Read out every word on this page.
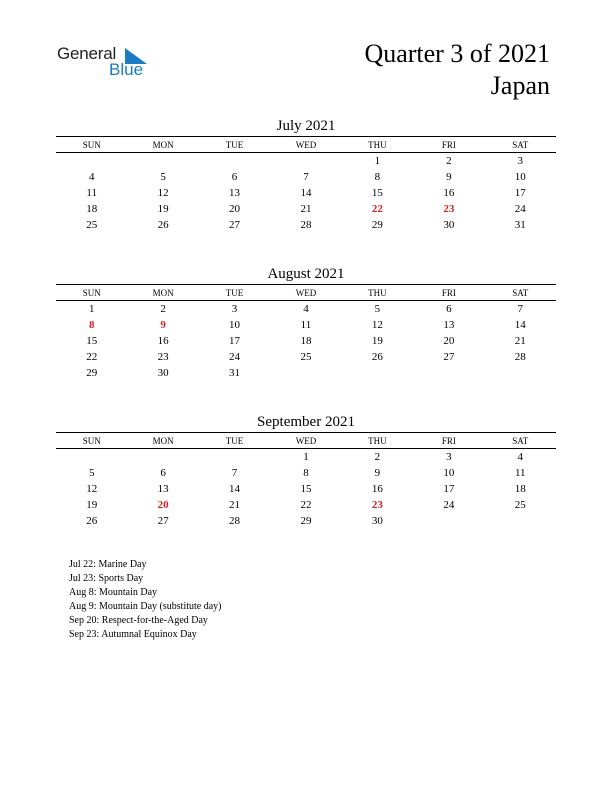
General
Blue
Quarter 3 of 2021
Japan
July 2021
SUN	MON	TUE	WED	THU	FRI	SAT
				1	2	3
4	5	6	7	8	9	10
11	12	13	14	15	16	17
18	19	20	21	22	23	24
25	26	27	28	29	30	31
August 2021
SUN	MON	TUE	WED	THU	FRI	SAT
1	2	3	4	5	6	7
8	9	10	11	12	13	14
15	16	17	18	19	20	21
22	23	24	25	26	27	28
29	30	31				
September 2021
SUN	MON	TUE	WED	THU	FRI	SAT
			1	2	3	4
5	6	7	8	9	10	11
12	13	14	15	16	17	18
19	20	21	22	23	24	25
26	27	28	29	30		
Jul 22: Marine Day
Jul 23: Sports Day
Aug 8: Mountain Day
Aug 9: Mountain Day (substitute day)
Sep 20: Respect-for-the-Aged Day
Sep 23: Autumnal Equinox Day
